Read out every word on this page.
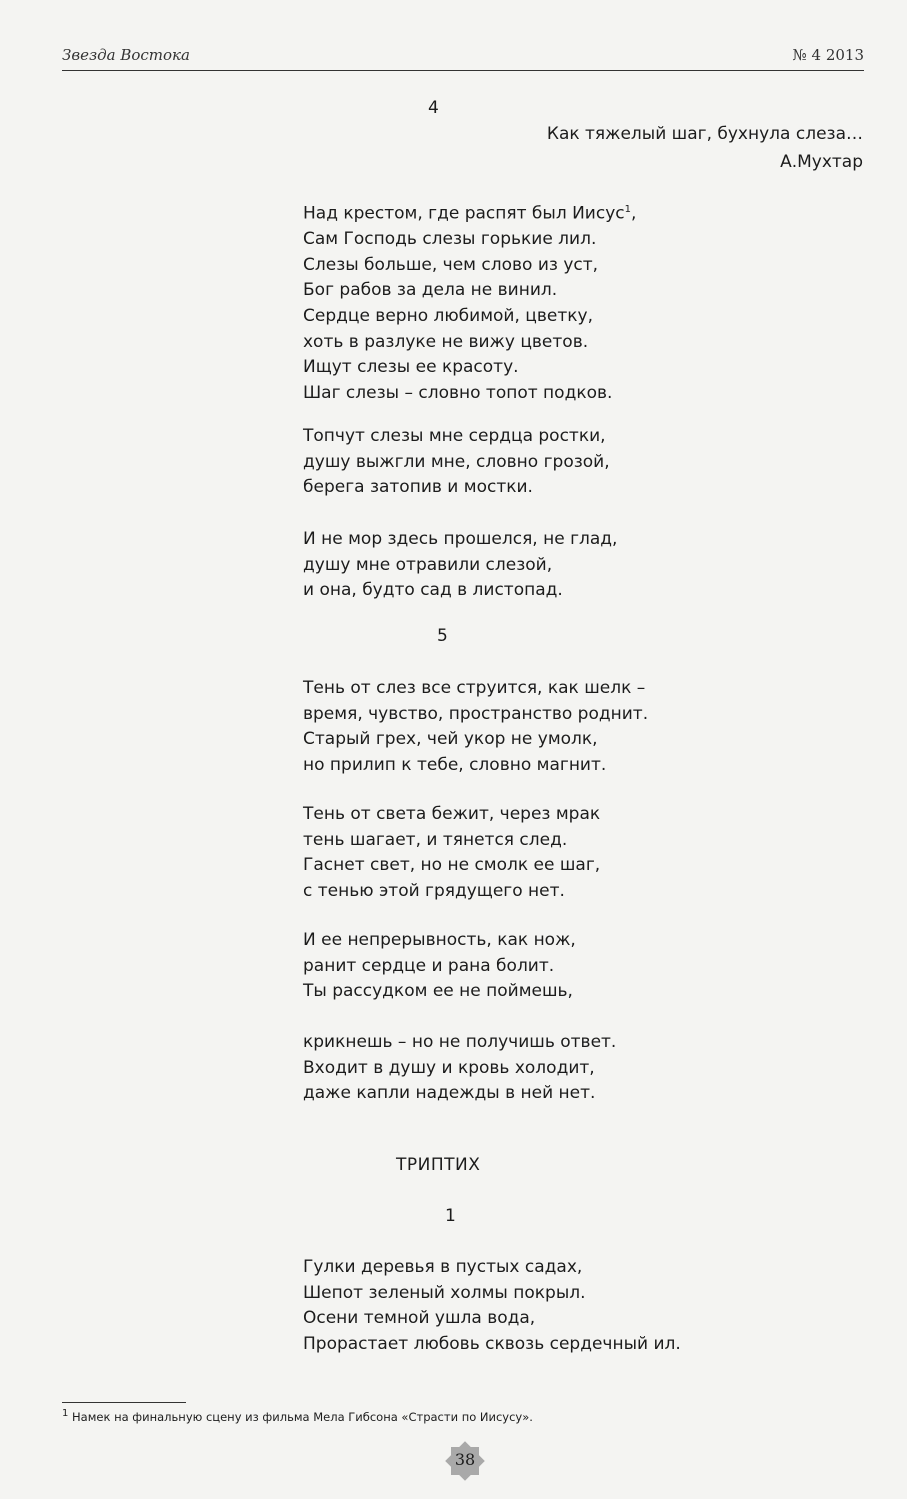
Звезда Востока	№ 4 2013
4
Как тяжелый шаг, бухнула слеза…
А.Мухтар
Над крестом, где распят был Иисус$^1$,
Сам Господь слезы горькие лил.
Слезы больше, чем слово из уст,
Бог рабов за дела не винил.
Сердце верно любимой, цветку,
хоть в разлуке не вижу цветов.
Ищут слезы ее красоту.
Шаг слезы – словно топот подков.
Топчут слезы мне сердца ростки,
душу выжгли мне, словно грозой,
берега затопив и мостки.
И не мор здесь прошелся, не глад,
душу мне отравили слезой,
и она, будто сад в листопад.
5
Тень от слез все струится, как шелк –
время, чувство, пространство роднит.
Старый грех, чей укор не умолк,
но прилип к тебе, словно магнит.
Тень от света бежит, через мрак
тень шагает, и тянется след.
Гаснет свет, но не смолк ее шаг,
с тенью этой грядущего нет.
И ее непрерывность, как нож,
ранит сердце и рана болит.
Ты рассудком ее не поймешь,
крикнешь – но не получишь ответ.
Входит в душу и кровь холодит,
даже капли надежды в ней нет.
ТРИПТИХ
1
Гулки деревья в пустых садах,
Шепот зеленый холмы покрыл.
Осени темной ушла вода,
Прорастает любовь сквозь сердечный ил.
$^1$ Намек на финальную сцену из фильма Мела Гибсона «Страсти по Иисусу».
38
